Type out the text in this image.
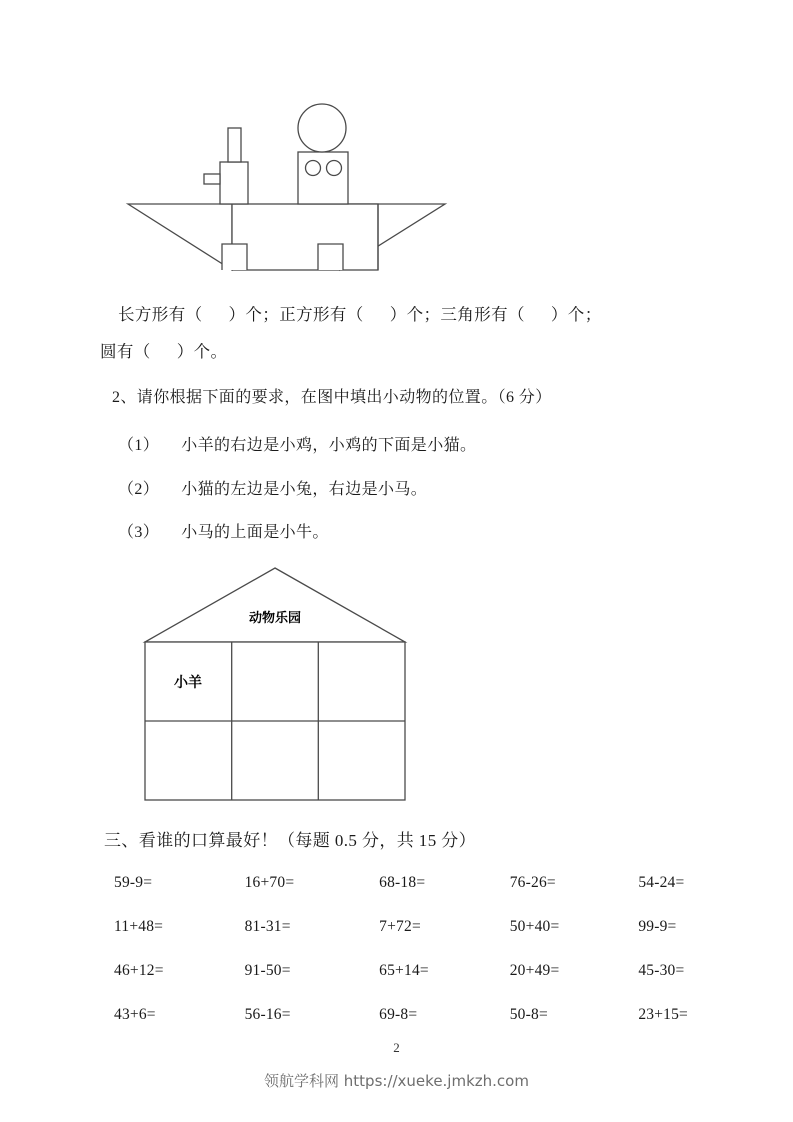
长方形有（ ）个；正方形有（ ）个；三角形有（ ）个；
圆有（ ）个。
2、请你根据下面的要求，在图中填出小动物的位置。（6 分）
（1） 小羊的右边是小鸡，小鸡的下面是小猫。
（2） 小猫的左边是小兔，右边是小马。
（3） 小马的上面是小牛。
动物乐园
小羊
三、看谁的口算最好！（每题 0.5 分，共 15 分）
59-9=	16+70=	68-18=	76-26=	54-24=
11+48=	81-31=	7+72=	50+40=	99-9=
46+12=	91-50=	65+14=	20+49=	45-30=
43+6=	56-16=	69-8=	50-8=	23+15=
2
领航学科网 https://xueke.jmkzh.com
